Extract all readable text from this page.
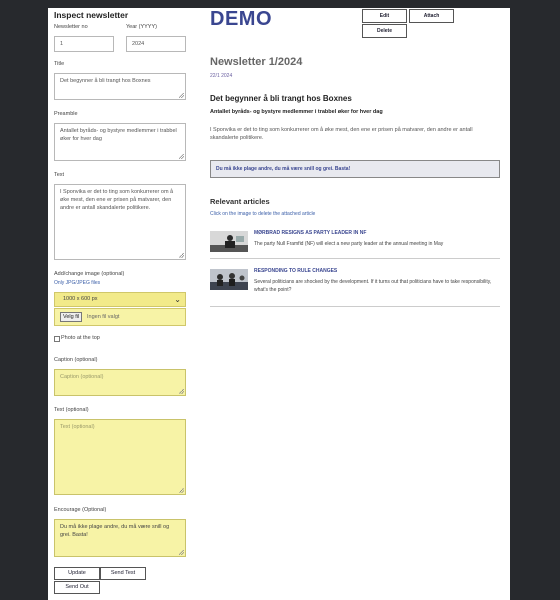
Inspect newsletter
Newsletter no
1
Year (YYYY)
2024
Title
Det begynner å bli trangt hos Boxnes
Preamble
Antallet byråds- og bystyre medlemmer i trabbel øker for hver dag
Text
I Sponvika er det to ting som konkurrerer om å øke mest, den ene er prisen på matvarer, den andre er antall skandalerte politikere.
Add/change image (optional)
Only JPG/JPEG files
1000 x 600 px	⌄
Velg fil	Ingen fil valgt
Photo at the top
Caption (optional)
Caption (optional)
Text (optional)
Text (optional)
Encourage (Optional)
Du må ikke plage andre, du må være snill og grei. Basta!
Update	Send Test
Send Out
Edit	Attach
Delete
DEMO
Newsletter 1/2024
22/1 2024
Det begynner å bli trangt hos Boxnes
Antallet byråds- og bystyre medlemmer i trabbel øker for hver dag
I Sponvika er det to ting som konkurrerer om å øke mest, den ene er prisen på matvarer, den andre er antall skandalerte politikere.
Du må ikke plage andre, du må være snill og grei. Basta!
Relevant articles
Click on the image to delete the attached article
MØRBRAD RESIGNS AS PARTY LEADER IN NF
The party Null Framfid (NF) will elect a new party leader at the annual meeting in May
RESPONDING TO RULE CHANGES
Several politicians are shocked by the development. If it turns out that politicians have to take responsibility, what's the point?
